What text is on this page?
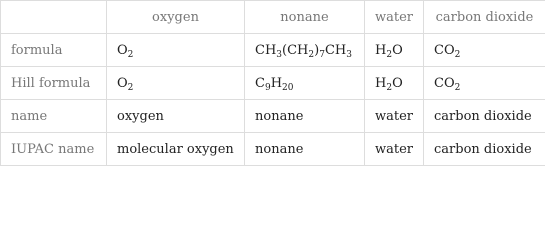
	oxygen	nonane	water	carbon dioxide
formula	$O_2$	$CH_3(CH_2)_7CH_3$	$H_2O$	$CO_2$
Hill formula	$O_2$	$C_9H_{20}$	$H_2O$	$CO_2$
name	oxygen	nonane	water	carbon dioxide
IUPAC name	molecular oxygen	nonane	water	carbon dioxide
